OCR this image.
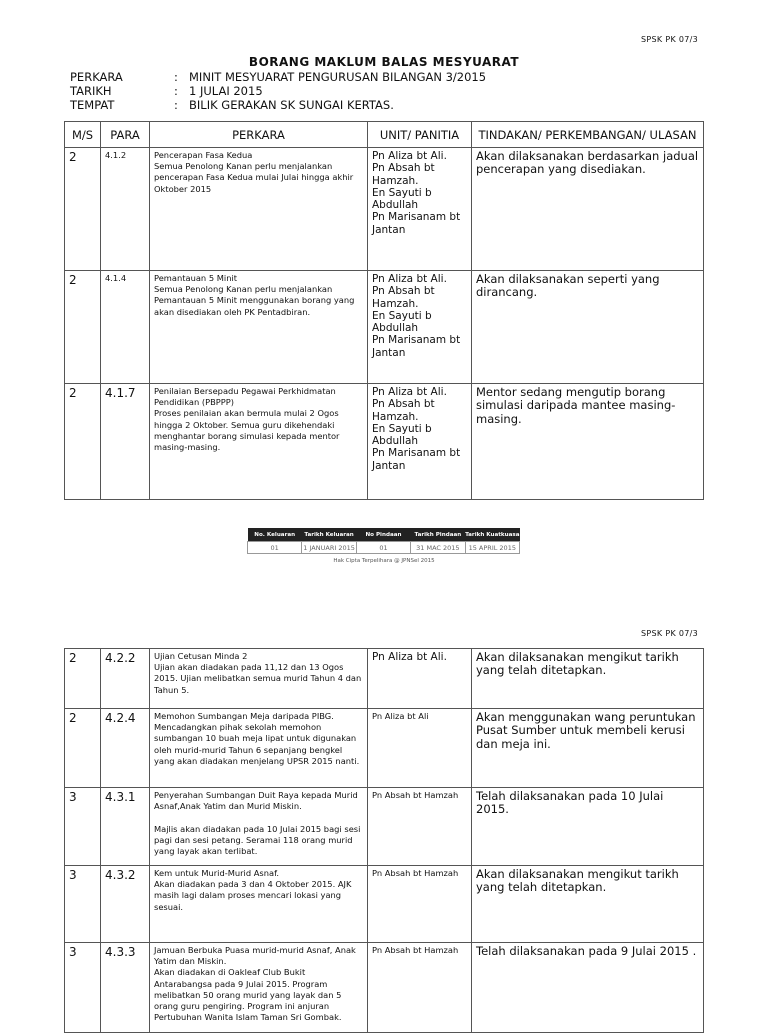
SPSK PK 07/3
BORANG MAKLUM BALAS MESYUARAT
PERKARA	: MINIT MESYUARAT PENGURUSAN BILANGAN 3/2015
TARIKH	: 1 JULAI 2015
TEMPAT	: BILIK GERAKAN SK SUNGAI KERTAS.
M/S	PARA	PERKARA	UNIT/ PANITIA	TINDAKAN/ PERKEMBANGAN/ ULASAN
2	4.1.2	Pencerapan Fasa Kedua
Semua Penolong Kanan perlu menjalankan pencerapan Fasa Kedua mulai Julai hingga akhir Oktober 2015	Pn Aliza bt Ali.
Pn Absah bt Hamzah.
En Sayuti b Abdullah
Pn Marisanam bt Jantan	Akan dilaksanakan berdasarkan jadual pencerapan yang disediakan.
2	4.1.4	Pemantauan 5 Minit
Semua Penolong Kanan perlu menjalankan Pemantauan 5 Minit menggunakan borang yang akan disediakan oleh PK Pentadbiran.	Pn Aliza bt Ali.
Pn Absah bt Hamzah.
En Sayuti b Abdullah
Pn Marisanam bt Jantan	Akan dilaksanakan seperti yang dirancang.
2	4.1.7	Penilaian Bersepadu Pegawai Perkhidmatan Pendidikan (PBPPP)
Proses penilaian akan bermula mulai 2 Ogos hingga 2 Oktober. Semua guru dikehendaki menghantar borang simulasi kepada mentor masing-masing.	Pn Aliza bt Ali.
Pn Absah bt Hamzah.
En Sayuti b Abdullah
Pn Marisanam bt Jantan	Mentor sedang mengutip borang simulasi daripada mantee masing-masing.
No. Keluaran	Tarikh Keluaran	No Pindaan	Tarikh Pindaan	Tarikh Kuatkuasa
01	1 JANUARI 2015	01	31 MAC 2015	15 APRIL 2015
Hak Cipta Terpelihara @ JPNSel 2015
SPSK PK 07/3
2	4.2.2	Ujian Cetusan Minda 2
Ujian akan diadakan pada 11,12 dan 13 Ogos 2015. Ujian melibatkan semua murid Tahun 4 dan Tahun 5.	Pn Aliza bt Ali.	Akan dilaksanakan mengikut tarikh yang telah ditetapkan.
2	4.2.4	Memohon Sumbangan Meja daripada PIBG. Mencadangkan pihak sekolah memohon sumbangan 10 buah meja lipat untuk digunakan oleh murid-murid Tahun 6 sepanjang bengkel yang akan diadakan menjelang UPSR 2015 nanti.	Pn Aliza bt Ali	Akan menggunakan wang peruntukan Pusat Sumber untuk membeli kerusi dan meja ini.
3	4.3.1	Penyerahan Sumbangan Duit Raya kepada Murid Asnaf,Anak Yatim dan Murid Miskin.

Majlis akan diadakan pada 10 Julai 2015 bagi sesi pagi dan sesi petang. Seramai 118 orang murid yang layak akan terlibat.	Pn Absah bt Hamzah	Telah dilaksanakan pada 10 Julai 2015.
3	4.3.2	Kem untuk Murid-Murid Asnaf.
Akan diadakan pada 3 dan 4 Oktober 2015. AJK masih lagi dalam proses mencari lokasi yang sesuai.	Pn Absah bt Hamzah	Akan dilaksanakan mengikut tarikh yang telah ditetapkan.
3	4.3.3	Jamuan Berbuka Puasa murid-murid Asnaf, Anak Yatim dan Miskin.
Akan diadakan di Oakleaf Club Bukit Antarabangsa pada 9 Julai 2015. Program melibatkan 50 orang murid yang layak dan 5 orang guru pengiring. Program ini anjuran Pertubuhan Wanita Islam Taman Sri Gombak.	Pn Absah bt Hamzah	Telah dilaksanakan pada 9 Julai 2015 .
